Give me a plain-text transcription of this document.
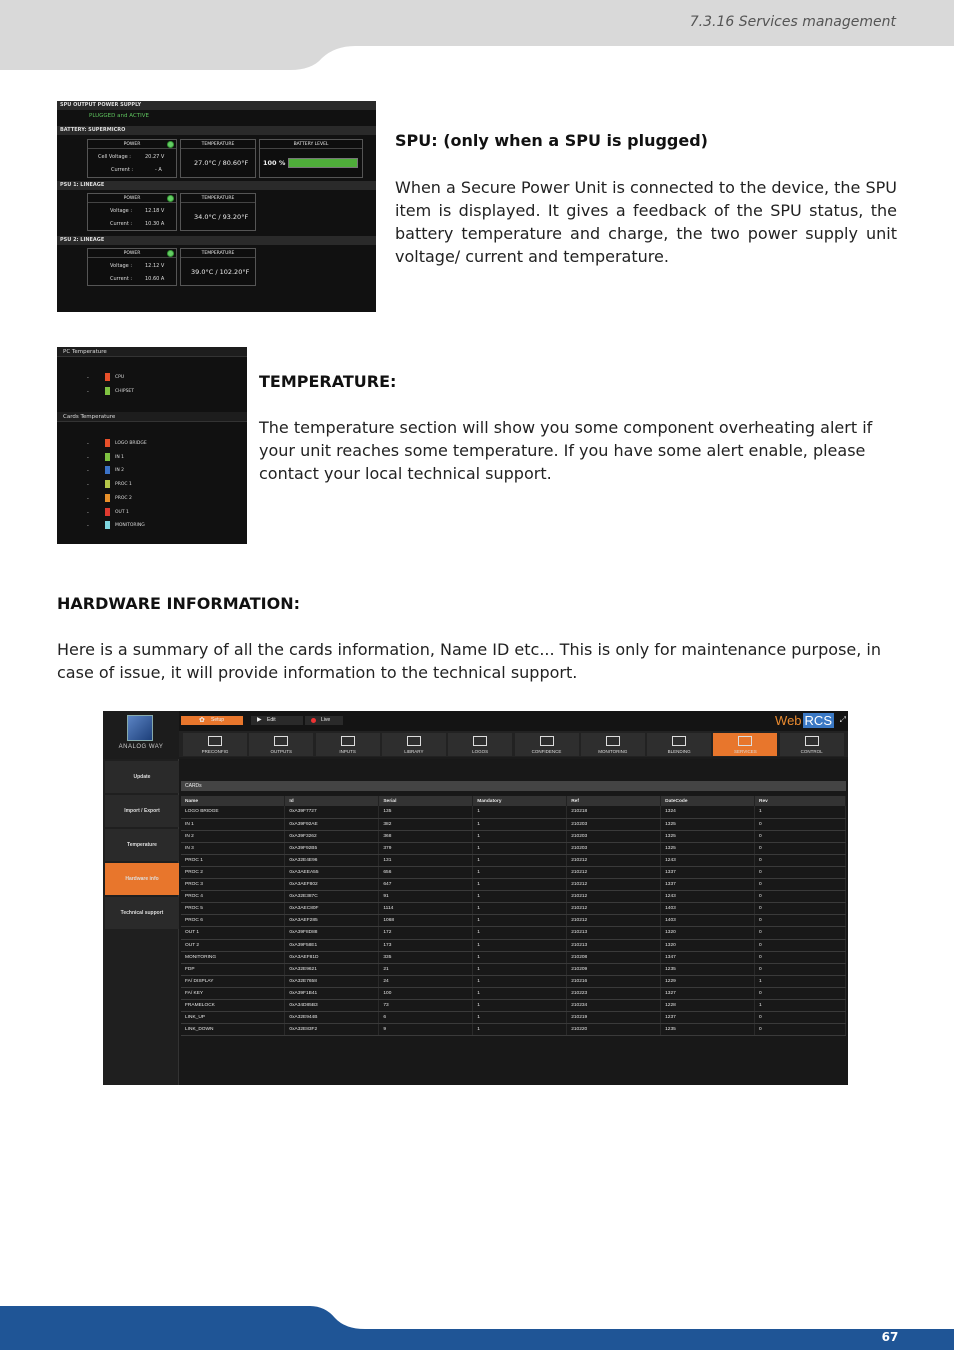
7.3.16 Services management
SPU OUTPUT POWER SUPPLY
PLUGGED and ACTIVE
BATTERY: SUPERMICRO
POWER
Cell Voltage :	20.27 V
Current :	- A
TEMPERATURE
27.0°C / 80.60°F
BATTERY LEVEL
100 %
PSU 1: LINEAGE
POWER
Voltage :	12.18 V
Current :	10.30 A
TEMPERATURE
34.0°C / 93.20°F
PSU 2: LINEAGE
POWER
Voltage :	12.12 V
Current :	10.60 A
TEMPERATURE
39.0°C / 102.20°F
SPU: (only when a SPU is plugged)

When a Secure Power Unit is connected to the device, the SPU item is displayed. It gives a feedback of the SPU status, the battery temperature and charge, the two power supply unit voltage/ current and temperature.

PC Temperature
-	CPU
-	CHIPSET
Cards Temperature
-	LOGO BRIDGE
-	IN 1
-	IN 2
-	PROC 1
-	PROC 2
-	OUT 1
-	MONITORING
TEMPERATURE:

The temperature section will show you some component overheating alert if your unit reaches some temperature. If you have some alert enable, please contact your local technical support.

HARDWARE INFORMATION:

Here is a summary of all the cards information, Name ID etc... This is only for maintenance purpose, in case of issue, it will provide information to the technical support.

ANALOG WAY
✿ Setup	▶ Edit	Live	Web RCS ⤢
PRECONFIG	OUTPUTS	INPUTS	LIBRARY	LOGOS	CONFIDENCE	MONITORING	BLENDING	SERVICES	CONTROL
Update
Import / Export
Temperature
Hardware info
Technical support
CARDs
Name	Id	Serial	Mandatory	Ref	DateCode	Rev
LOGO BRIDGE	0xA39F7727	135	1	210218	1324	1
IN 1	0xA39F92AE	382	1	210203	1325	0
IN 2	0xA39F3262	368	1	210203	1325	0
IN 3	0xA39F92B5	379	1	210203	1325	0
PROC 1	0xA32E4E96	131	1	210212	1243	0
PROC 2	0xA3AEEA55	656	1	210212	1337	0
PROC 3	0xA3AEF802	647	1	210212	1337	0
PROC 4	0xA32E387C	91	1	210212	1243	0
PROC 5	0xA3AEC80F	1114	1	210212	1403	0
PROC 6	0xA3AEF285	1068	1	210212	1403	0
OUT 1	0xA39F8D88	172	1	210213	1320	0
OUT 2	0xA39F58E1	173	1	210213	1320	0
MONITORING	0xA3AEF81D	335	1	210208	1347	0
FDP	0xA32E9621	21	1	210209	1235	0
FA/ DISPLAY	0xA32E7658	24	1	210216	1229	1
FA/ KEY	0xA39F1B41	100	1	210223	1327	0
FRAMELOCK	0xA34D85B3	73	1	210234	1228	1
LINK_UP	0xA32E944B	6	1	210219	1237	0
LINK_DOWN	0xA32E83F2	9	1	210220	1235	0
67
